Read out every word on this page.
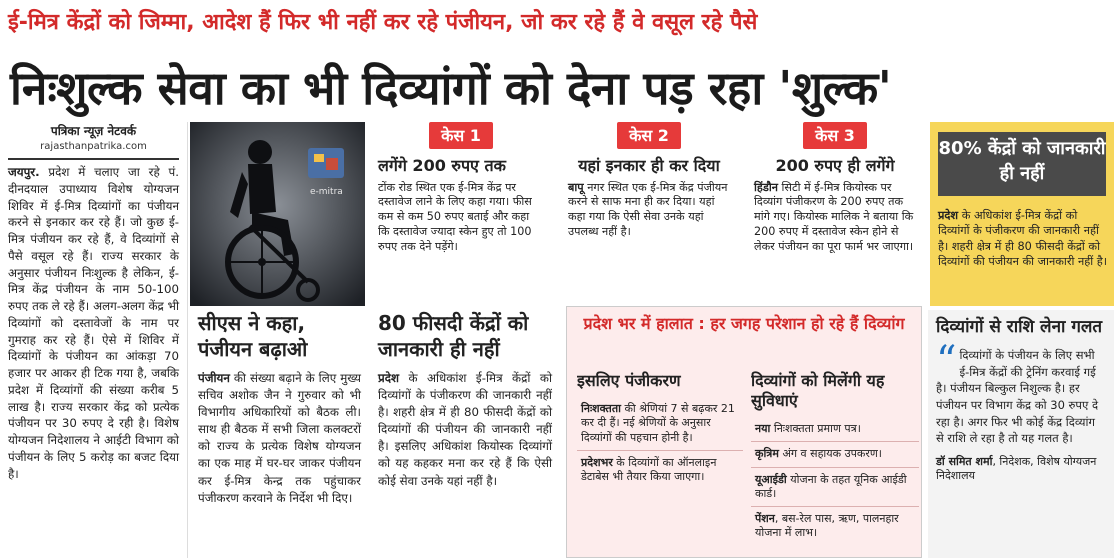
ई-मित्र केंद्रों को जिम्मा, आदेश हैं फिर भी नहीं कर रहे पंजीयन, जो कर रहे हैं वे वसूल रहे पैसे
निःशुल्क सेवा का भी दिव्यांगों को देना पड़ रहा 'शुल्क'
पत्रिका न्यूज़ नेटवर्क
rajasthanpatrika.com

जयपुर. प्रदेश में चलाए जा रहे पं. दीनदयाल उपाध्याय विशेष योग्यजन शिविर में ई-मित्र दिव्यांगों का पंजीयन करने से इनकार कर रहे हैं। जो कुछ ई-मित्र पंजीयन कर रहे हैं, वे दिव्यांगों से पैसे वसूल रहे हैं। राज्य सरकार के अनुसार पंजीयन निःशुल्क है लेकिन, ई-मित्र केंद्र पंजीयन के नाम 50-100 रुपए तक ले रहे हैं। अलग-अलग केंद्र भी दिव्यांगों को दस्तावेजों के नाम पर गुमराह कर रहे हैं। ऐसे में शिविर में दिव्यांगों के पंजीयन का आंकड़ा 70 हजार पर आकर ही टिक गया है, जबकि प्रदेश में दिव्यांगों की संख्या करीब 5 लाख है। राज्य सरकार केंद्र को प्रत्येक पंजीयन पर 30 रुपए दे रही है। विशेष योग्यजन निदेशालय ने आईटी विभाग को पंजीयन के लिए 5 करोड़ का बजट दिया है।

e-mitra
केस 1
लगेंगे 200 रुपए तक
टोंक रोड स्थित एक ई-मित्र केंद्र पर दस्तावेज लाने के लिए कहा गया। फीस कम से कम 50 रुपए बताई और कहा कि दस्तावेज ज्यादा स्केन हुए तो 100 रुपए तक देने पड़ेंगे।
केस 2
यहां इनकार ही कर दिया
बापू नगर स्थित एक ई-मित्र केंद्र पंजीयन करने से साफ मना ही कर दिया। यहां कहा गया कि ऐसी सेवा उनके यहां उपलब्ध नहीं है।
केस 3
200 रुपए ही लगेंगे
हिंडौन सिटी में ई-मित्र कियोस्क पर दिव्यांग पंजीकरण के 200 रुपए तक मांगे गए। कियोस्क मालिक ने बताया कि 200 रुपए में दस्तावेज स्केन होने से लेकर पंजीयन का पूरा फार्म भर जाएगा।
80% केंद्रों को जानकारी ही नहीं
प्रदेश के अधिकांश ई-मित्र केंद्रों को दिव्यांगों के पंजीकरण की जानकारी नहीं है। शहरी क्षेत्र में ही 80 फीसदी केंद्रों को दिव्यांगों की पंजीयन की जानकारी नहीं है।
सीएस ने कहा, पंजीयन बढ़ाओ

पंजीयन की संख्या बढ़ाने के लिए मुख्य सचिव अशोक जैन ने गुरुवार को भी विभागीय अधिकारियों को बैठक ली। साथ ही बैठक में सभी जिला कलक्टरों को राज्य के प्रत्येक विशेष योग्यजन का एक माह में घर-घर जाकर पंजीयन कर ई-मित्र केन्द्र तक पहुंचाकर पंजीकरण करवाने के निर्देश भी दिए।

80 फीसदी केंद्रों को जानकारी ही नहीं

प्रदेश के अधिकांश ई-मित्र केंद्रों को दिव्यांगों के पंजीकरण की जानकारी नहीं है। शहरी क्षेत्र में ही 80 फीसदी केंद्रों को दिव्यांगों की पंजीयन की जानकारी नहीं है। इसलिए अधिकांश कियोस्क दिव्यांगों को यह कहकर मना कर रहे हैं कि ऐसी कोई सेवा उनके यहां नहीं है।

प्रदेश भर में हालात : हर जगह परेशान हो रहे हैं दिव्यांग
इसलिए पंजीकरण
निःशक्तता की श्रेणियां 7 से बढ़कर 21 कर दी हैं। नई श्रेणियों के अनुसार दिव्यांगों की पहचान होनी है।
प्रदेशभर के दिव्यांगों का ऑनलाइन डेटाबेस भी तैयार किया जाएगा।
दिव्यांगों को मिलेंगी यह सुविधाएं
नया निःशक्तता प्रमाण पत्र।
कृत्रिम अंग व सहायक उपकरण।
यूआईडी योजना के तहत यूनिक आईडी कार्ड।
पेंशन, बस-रेल पास, ऋण, पालनहार योजना में लाभ।
दिव्यांगों से राशि लेना गलत
“ दिव्यांगों के पंजीयन के लिए सभी ई-मित्र केंद्रों की ट्रेनिंग करवाई गई है। पंजीयन बिल्कुल निशुल्क है। हर पंजीयन पर विभाग केंद्र को 30 रुपए दे रहा है। अगर फिर भी कोई केंद्र दिव्यांग से राशि ले रहा है तो यह गलत है।

डॉ समित शर्मा, निदेशक, विशेष योग्यजन निदेशालय
